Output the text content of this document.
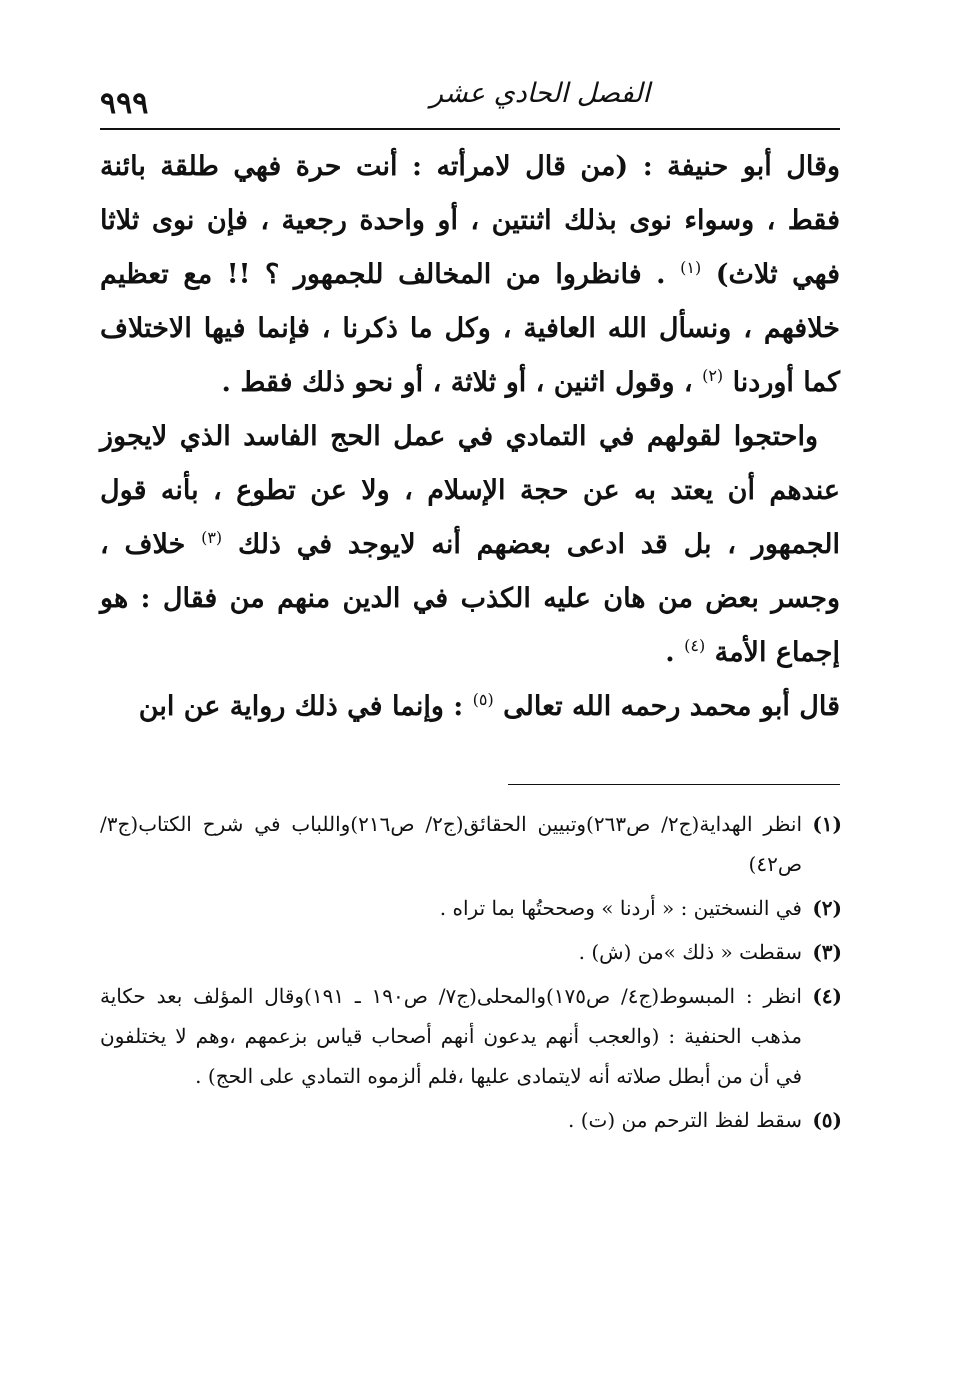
٩٩٩	الفصل الحادي عشر

وقال أبو حنيفة : (من قال لامرأته : أنت حرة فهي طلقة بائنة فقط ، وسواء نوى بذلك اثنتين ، أو واحدة رجعية ، فإن نوى ثلاثا فهي ثلاث) $^{(١)}$ . فانظروا من المخالف للجمهور ؟ !! مع تعظيم خلافهم ، ونسأل الله العافية ، وكل ما ذكرنا ، فإنما فيها الاختلاف كما أوردنا $^{(٢)}$ ، وقول اثنين ، أو ثلاثة ، أو نحو ذلك فقط .

واحتجوا لقولهم في التمادي في عمل الحج الفاسد الذي لايجوز عندهم أن يعتد به عن حجة الإسلام ، ولا عن تطوع ، بأنه قول الجمهور ، بل قد ادعى بعضهم أنه لايوجد في ذلك $^{(٣)}$ خلاف ، وجسر بعض من هان عليه الكذب في الدين منهم من فقال : هو إجماع الأمة $^{(٤)}$ .

قال أبو محمد رحمه الله تعالى $^{(٥)}$ : وإنما في ذلك رواية عن ابن

(١)
انظر الهداية(ج٢/ ص٢٦٣)وتبيين الحقائق(ج٢/ ص٢١٦)واللباب في شرح الكتاب(ج٣/ ص٤٢)
(٢)
في النسختين : « أردنا » وصححتُها بما تراه .
(٣)
سقطت « ذلك »من (ش) .
(٤)
انظر : المبسوط(ج٤/ ص١٧٥)والمحلى(ج٧/ ص١٩٠ ـ ١٩١)وقال المؤلف بعد حكاية مذهب الحنفية : (والعجب أنهم يدعون أنهم أصحاب قياس بزعمهم ،وهم لا يختلفون في أن من أبطل صلاته أنه لايتمادى عليها ،فلم ألزموه التمادي على الحج) .
(٥)
سقط لفظ الترحم من (ت) .
